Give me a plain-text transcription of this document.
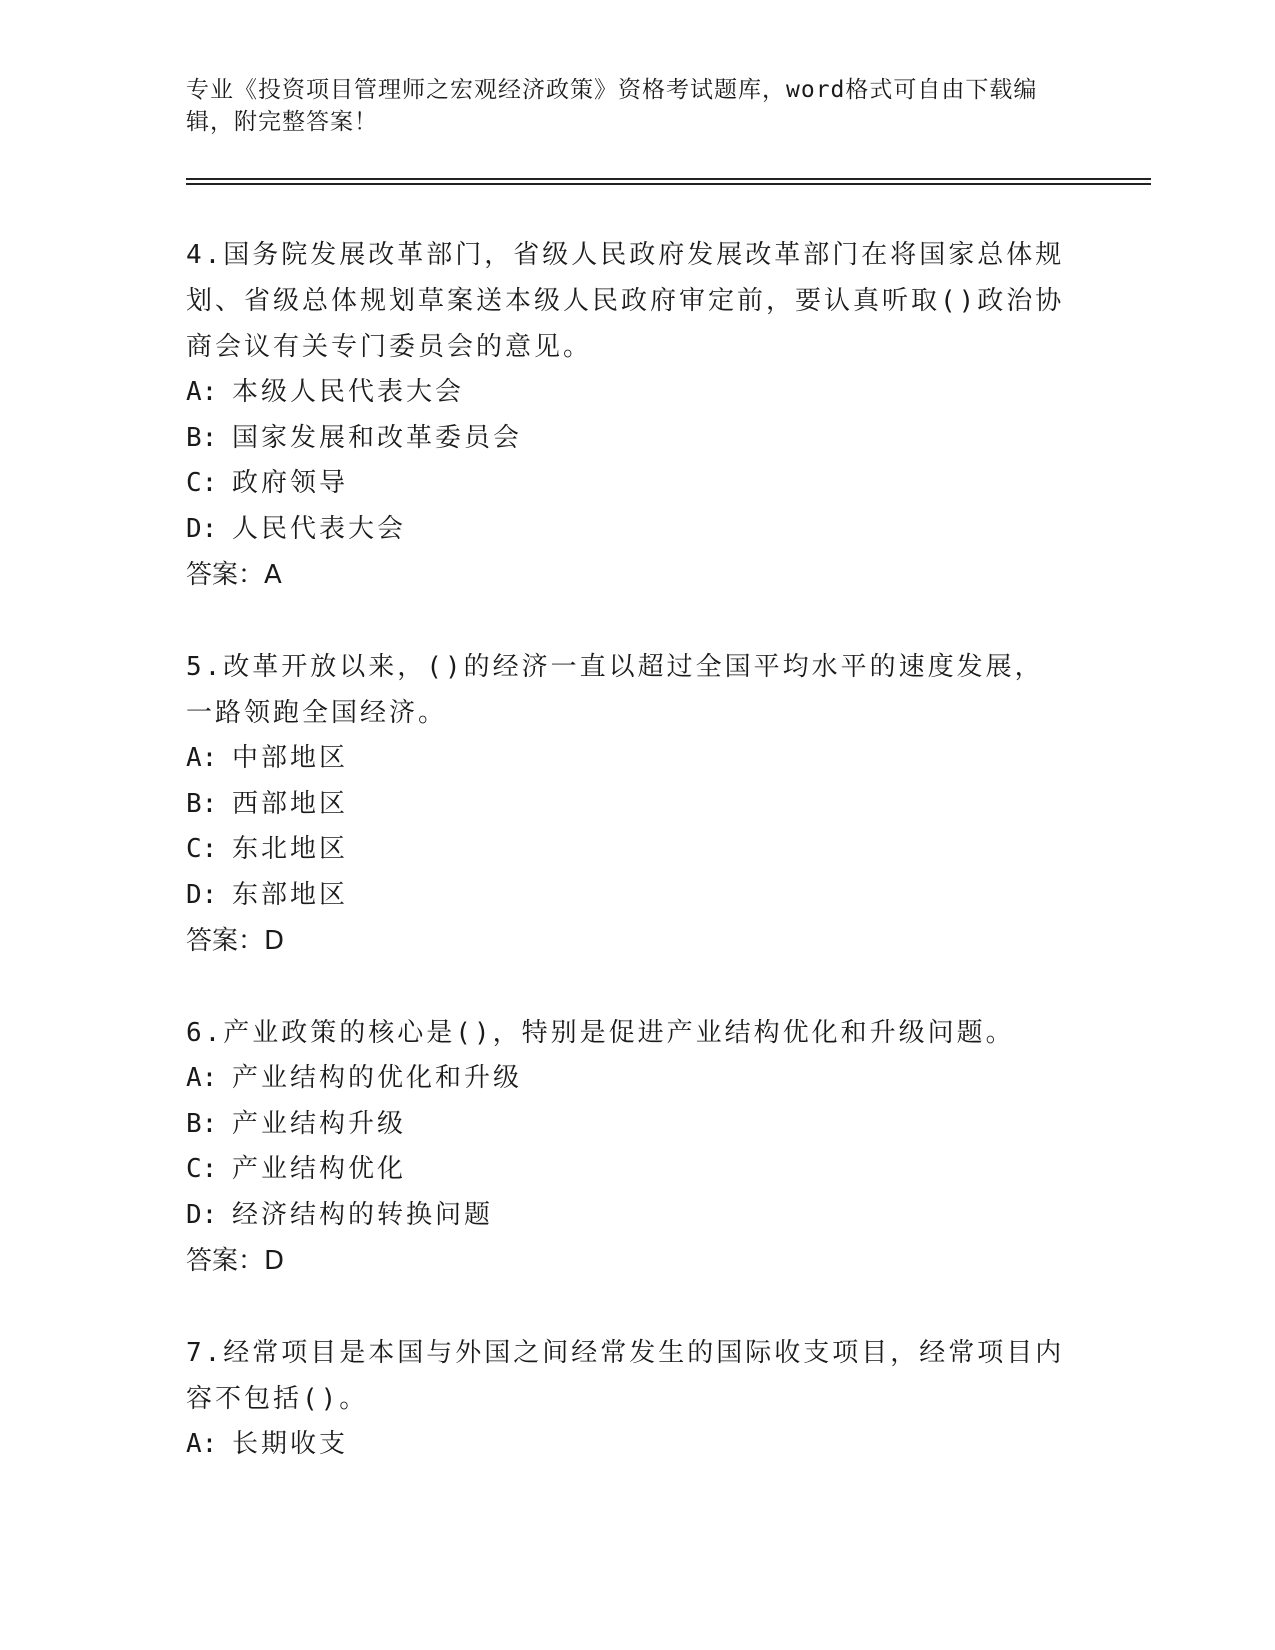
专业《投资项目管理师之宏观经济政策》资格考试题库，word格式可自由下载编辑，附完整答案！
4.国务院发展改革部门，省级人民政府发展改革部门在将国家总体规划、省级总体规划草案送本级人民政府审定前，要认真听取()政治协商会议有关专门委员会的意见。
A: 本级人民代表大会
B: 国家发展和改革委员会
C: 政府领导
D: 人民代表大会
答案：A
5.改革开放以来，()的经济一直以超过全国平均水平的速度发展，一路领跑全国经济。
A: 中部地区
B: 西部地区
C: 东北地区
D: 东部地区
答案：D
6.产业政策的核心是()，特别是促进产业结构优化和升级问题。
A: 产业结构的优化和升级
B: 产业结构升级
C: 产业结构优化
D: 经济结构的转换问题
答案：D
7.经常项目是本国与外国之间经常发生的国际收支项目，经常项目内容不包括()。
A: 长期收支
